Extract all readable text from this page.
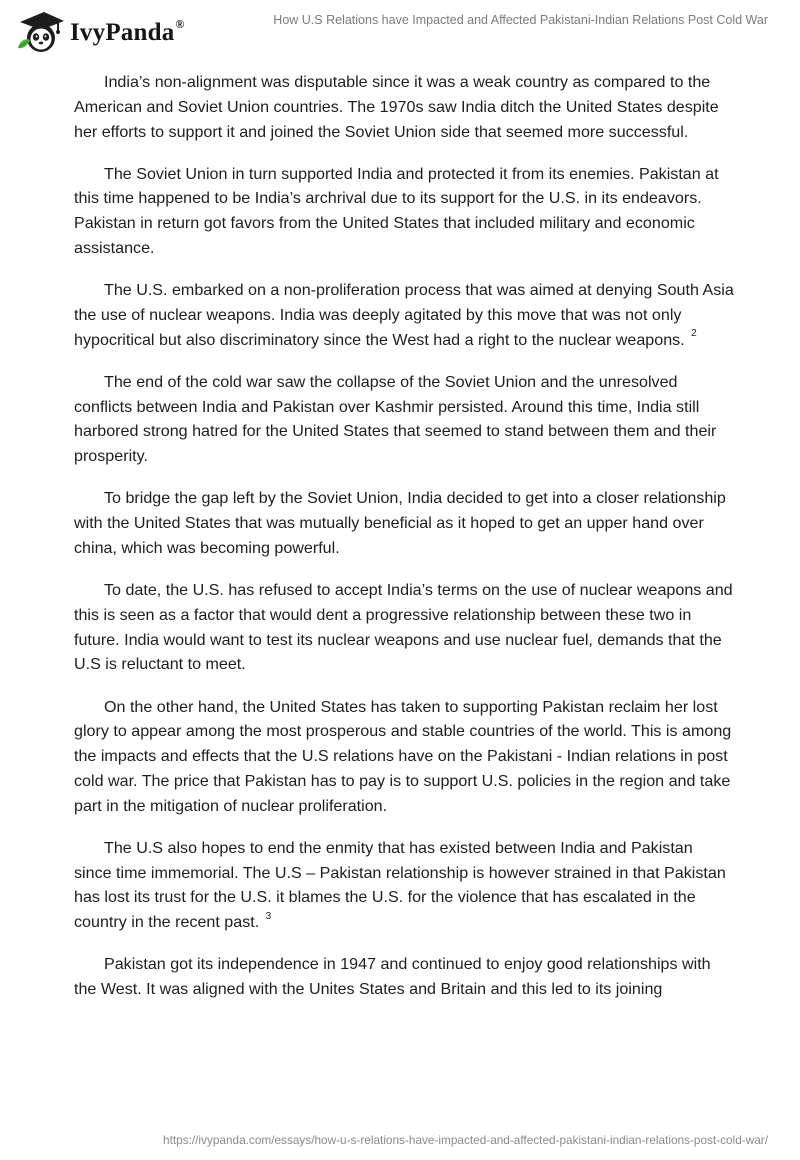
IvyPanda®	How U.S Relations have Impacted and Affected Pakistani-Indian Relations Post Cold War

India’s non-alignment was disputable since it was a weak country as compared to the American and Soviet Union countries. The 1970s saw India ditch the United States despite her efforts to support it and joined the Soviet Union side that seemed more successful.

The Soviet Union in turn supported India and protected it from its enemies. Pakistan at this time happened to be India’s archrival due to its support for the U.S. in its endeavors. Pakistan in return got favors from the United States that included military and economic assistance.

The U.S. embarked on a non-proliferation process that was aimed at denying South Asia the use of nuclear weapons. India was deeply agitated by this move that was not only hypocritical but also discriminatory since the West had a right to the nuclear weapons. $^2$

The end of the cold war saw the collapse of the Soviet Union and the unresolved conflicts between India and Pakistan over Kashmir persisted. Around this time, India still harbored strong hatred for the United States that seemed to stand between them and their prosperity.

To bridge the gap left by the Soviet Union, India decided to get into a closer relationship with the United States that was mutually beneficial as it hoped to get an upper hand over china, which was becoming powerful.

To date, the U.S. has refused to accept India’s terms on the use of nuclear weapons and this is seen as a factor that would dent a progressive relationship between these two in future. India would want to test its nuclear weapons and use nuclear fuel, demands that the U.S is reluctant to meet.

On the other hand, the United States has taken to supporting Pakistan reclaim her lost glory to appear among the most prosperous and stable countries of the world. This is among the impacts and effects that the U.S relations have on the Pakistani - Indian relations in post cold war. The price that Pakistan has to pay is to support U.S. policies in the region and take part in the mitigation of nuclear proliferation.

The U.S also hopes to end the enmity that has existed between India and Pakistan since time immemorial. The U.S – Pakistan relationship is however strained in that Pakistan has lost its trust for the U.S. it blames the U.S. for the violence that has escalated in the country in the recent past. $^3$

Pakistan got its independence in 1947 and continued to enjoy good relationships with the West. It was aligned with the Unites States and Britain and this led to its joining

https://ivypanda.com/essays/how-u-s-relations-have-impacted-and-affected-pakistani-indian-relations-post-cold-war/
